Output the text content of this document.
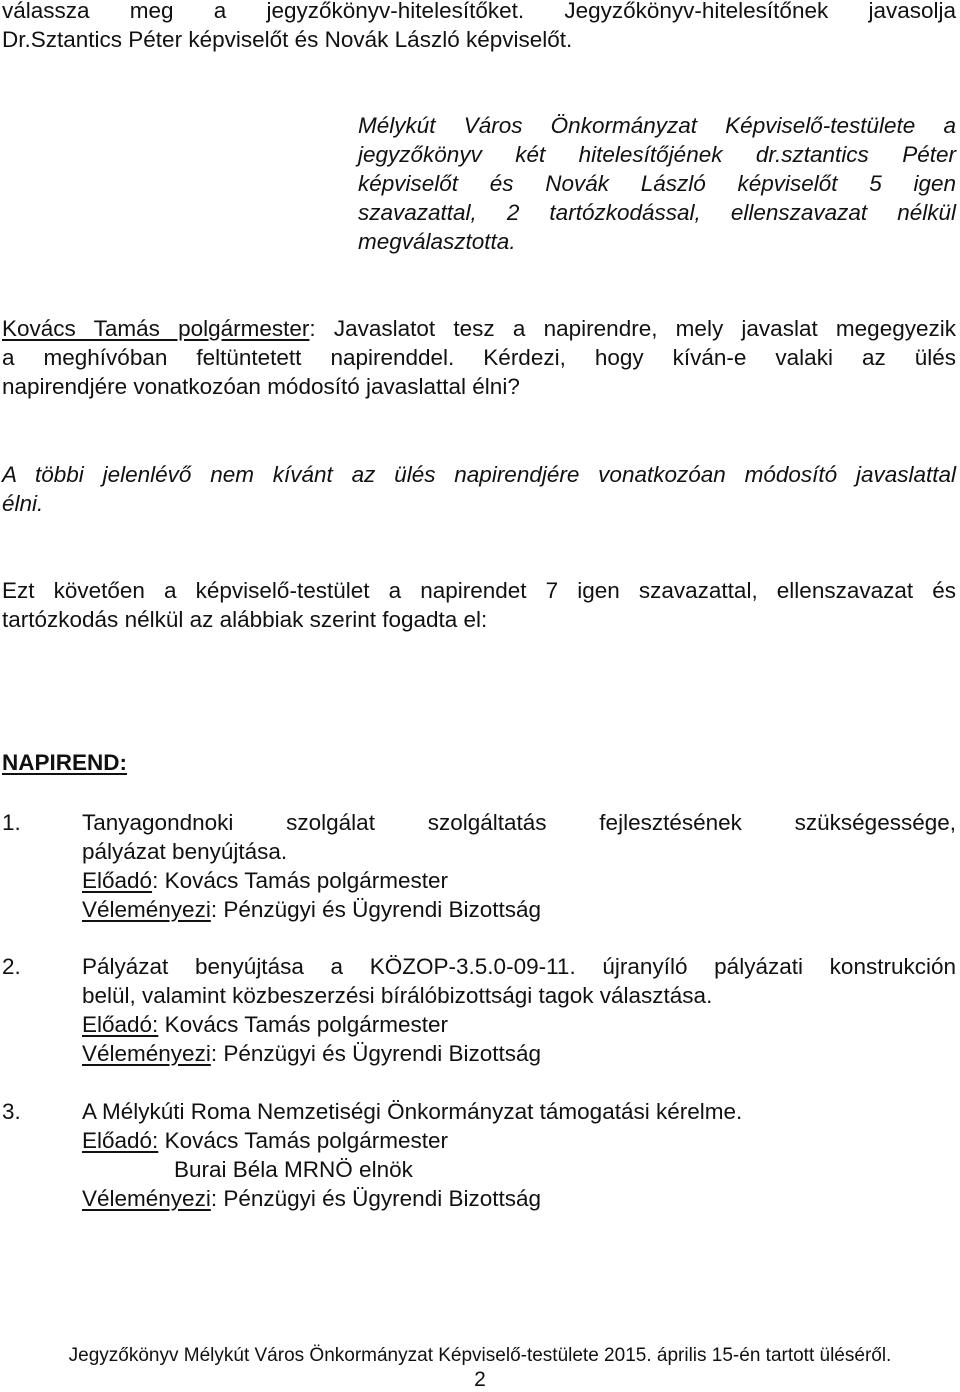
válassza meg a jegyzőkönyv-hitelesítőket. Jegyzőkönyv-hitelesítőnek javasolja
Dr.Sztantics Péter képviselőt és Novák László képviselőt.
Mélykút Város Önkormányzat Képviselő-testülete a
jegyzőkönyv két hitelesítőjének dr.sztantics Péter
képviselőt és Novák László képviselőt 5 igen
szavazattal, 2 tartózkodással, ellenszavazat nélkül
megválasztotta.
Kovács Tamás polgármester: Javaslatot tesz a napirendre, mely javaslat megegyezik
a meghívóban feltüntetett napirenddel. Kérdezi, hogy kíván-e valaki az ülés
napirendjére vonatkozóan módosító javaslattal élni?
A többi jelenlévő nem kívánt az ülés napirendjére vonatkozóan módosító javaslattal
élni.
Ezt követően a képviselő-testület a napirendet 7 igen szavazattal, ellenszavazat és
tartózkodás nélkül az alábbiak szerint fogadta el:
NAPIREND:
1.	Tanyagondnoki szolgálat szolgáltatás fejlesztésének szükségessége,
pályázat benyújtása.
Előadó: Kovács Tamás polgármester
Véleményezi: Pénzügyi és Ügyrendi Bizottság
2.	Pályázat benyújtása a KÖZOP-3.5.0-09-11. újranyíló pályázati konstrukción
belül, valamint közbeszerzési bírálóbizottsági tagok választása.
Előadó: Kovács Tamás polgármester
Véleményezi: Pénzügyi és Ügyrendi Bizottság
3.	A Mélykúti Roma Nemzetiségi Önkormányzat támogatási kérelme.
Előadó: Kovács Tamás polgármester
Burai Béla MRNÖ elnök
Véleményezi: Pénzügyi és Ügyrendi Bizottság
Jegyzőkönyv Mélykút Város Önkormányzat Képviselő-testülete 2015. április 15-én tartott üléséről.
2
